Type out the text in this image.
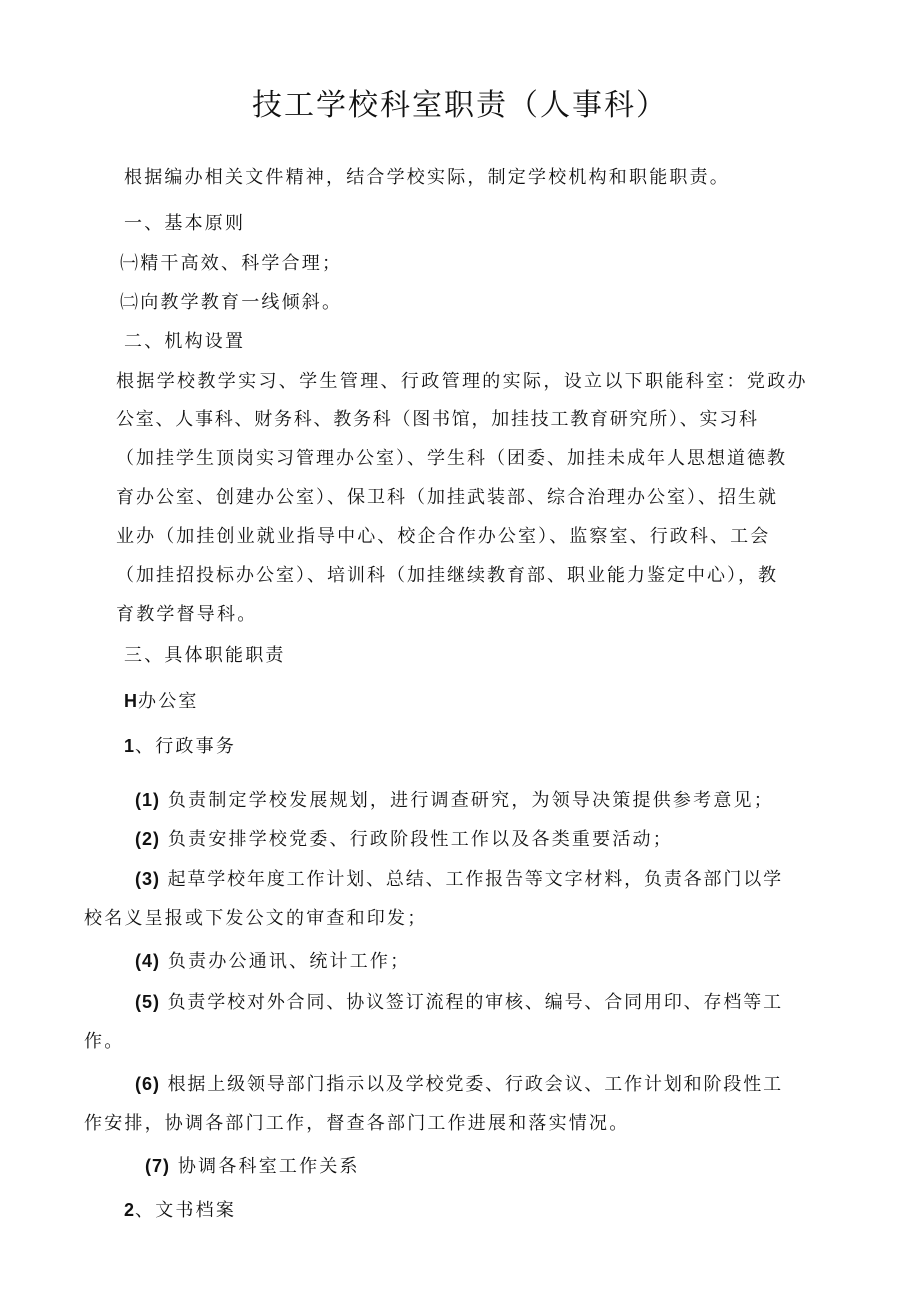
技工学校科室职责（人事科）
根据编办相关文件精神，结合学校实际，制定学校机构和职能职责。
一、基本原则
㈠精干高效、科学合理；
㈡向教学教育一线倾斜。
二、机构设置
根据学校教学实习、学生管理、行政管理的实际，设立以下职能科室：党政办
公室、人事科、财务科、教务科（图书馆，加挂技工教育研究所）、实习科
（加挂学生顶岗实习管理办公室）、学生科（团委、加挂未成年人思想道德教
育办公室、创建办公室）、保卫科（加挂武装部、综合治理办公室）、招生就
业办（加挂创业就业指导中心、校企合作办公室）、监察室、行政科、工会
（加挂招投标办公室）、培训科（加挂继续教育部、职业能力鉴定中心），教
育教学督导科。
三、具体职能职责
H办公室
1、行政事务
(1) 负责制定学校发展规划，进行调查研究，为领导决策提供参考意见；
(2) 负责安排学校党委、行政阶段性工作以及各类重要活动；
(3) 起草学校年度工作计划、总结、工作报告等文字材料，负责各部门以学
校名义呈报或下发公文的审查和印发；
(4) 负责办公通讯、统计工作；
(5) 负责学校对外合同、协议签订流程的审核、编号、合同用印、存档等工
作。
(6) 根据上级领导部门指示以及学校党委、行政会议、工作计划和阶段性工
作安排，协调各部门工作，督查各部门工作进展和落实情况。
(7) 协调各科室工作关系
2、文书档案
